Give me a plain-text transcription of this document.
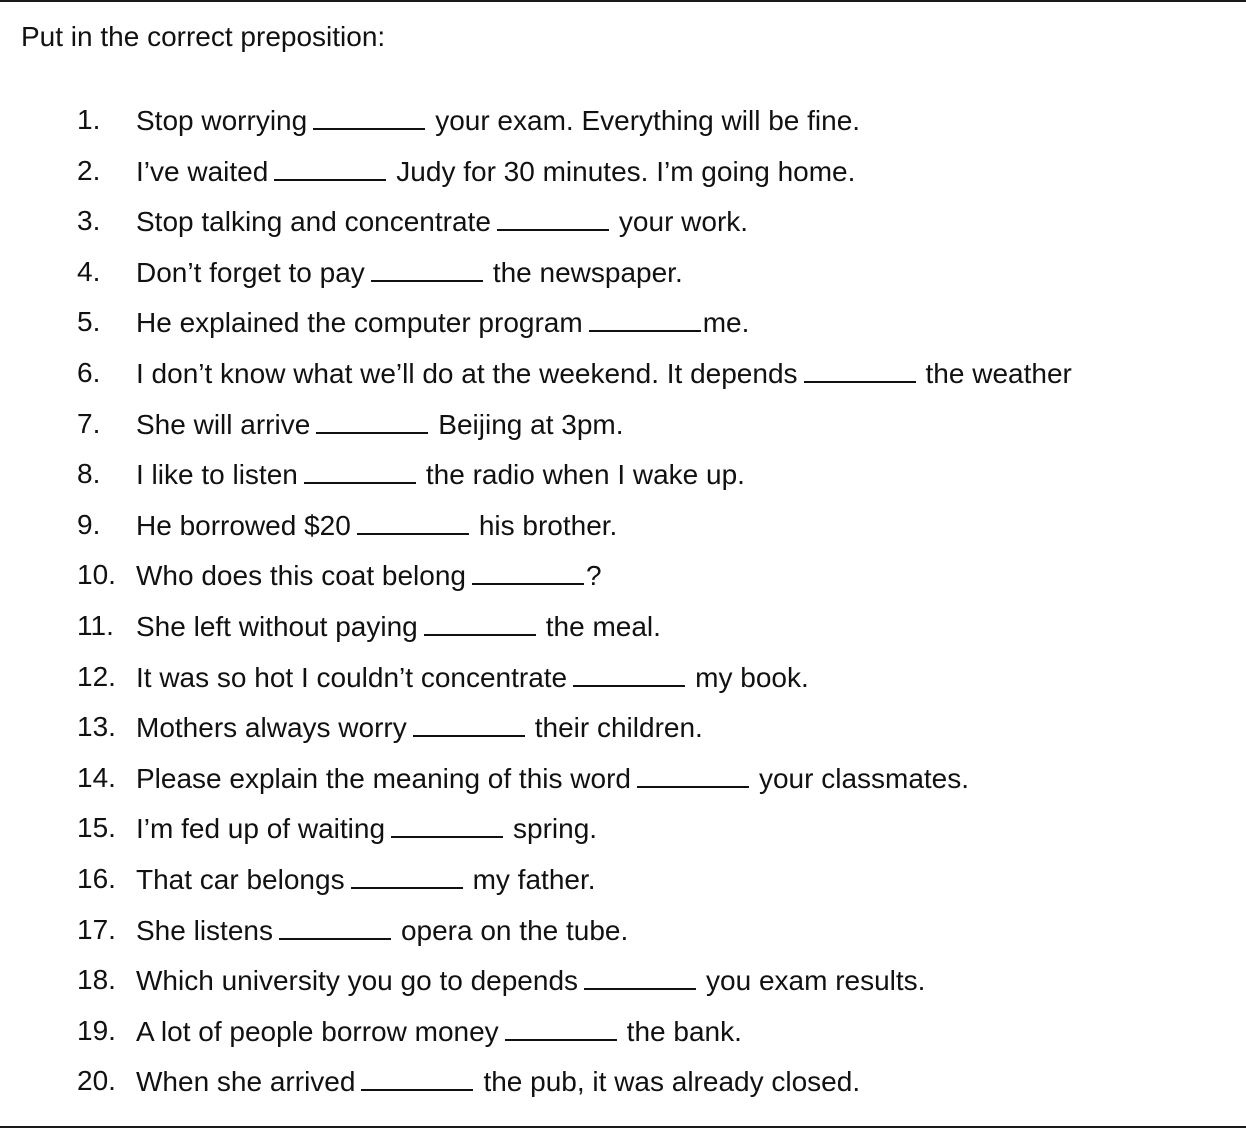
Put in the correct preposition:
1. Stop worrying	your exam. Everything will be fine.
2. I’ve waited	Judy for 30 minutes. I’m going home.
3. Stop talking and concentrate	your work.
4. Don’t forget to pay	the newspaper.
5. He explained the computer program	me.
6. I don’t know what we’ll do at the weekend. It depends	the weather
7. She will arrive	Beijing at 3pm.
8. I like to listen	the radio when I wake up.
9. He borrowed $20	his brother.
10. Who does this coat belong	?
11. She left without paying	the meal.
12. It was so hot I couldn’t concentrate	my book.
13. Mothers always worry	their children.
14. Please explain the meaning of this word	your classmates.
15. I’m fed up of waiting	spring.
16. That car belongs	my father.
17. She listens	opera on the tube.
18. Which university you go to depends	you exam results.
19. A lot of people borrow money	the bank.
20. When she arrived	the pub, it was already closed.
